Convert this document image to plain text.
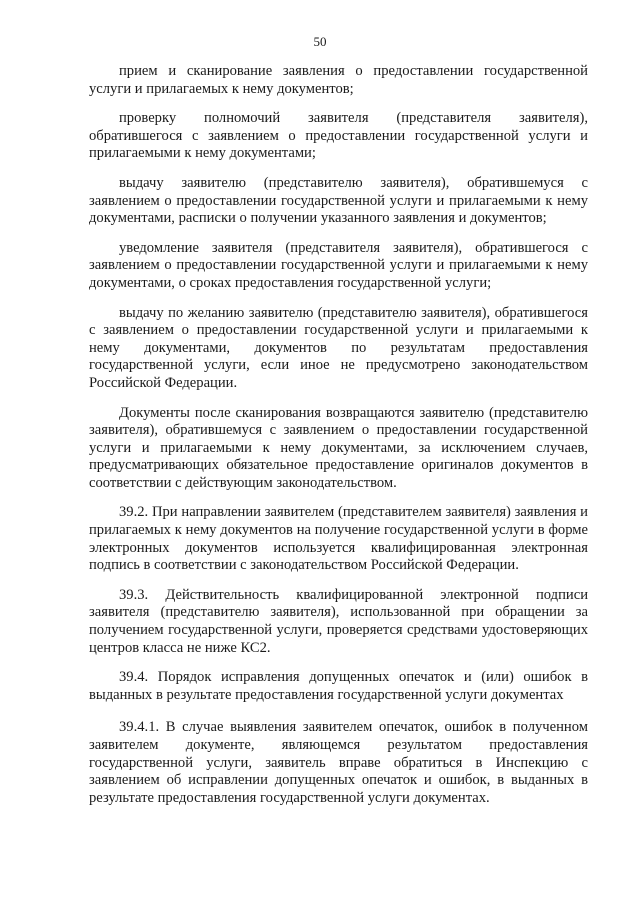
50

прием и сканирование заявления о предоставлении государственной услуги и прилагаемых к нему документов;

проверку полномочий заявителя (представителя заявителя), обратившегося с заявлением о предоставлении государственной услуги и прилагаемыми к нему документами;

выдачу заявителю (представителю заявителя), обратившемуся с заявлением о предоставлении государственной услуги и прилагаемыми к нему документами, расписки о получении указанного заявления и документов;

уведомление заявителя (представителя заявителя), обратившегося с заявлением о предоставлении государственной услуги и прилагаемыми к нему документами, о сроках предоставления государственной услуги;

выдачу по желанию заявителю (представителю заявителя), обратившегося с заявлением о предоставлении государственной услуги и прилагаемыми к нему документами, документов по результатам предоставления государственной услуги, если иное не предусмотрено законодательством Российской Федерации.

Документы после сканирования возвращаются заявителю (представителю заявителя), обратившемуся с заявлением о предоставлении государственной услуги и прилагаемыми к нему документами, за исключением случаев, предусматривающих обязательное предоставление оригиналов документов в соответствии с действующим законодательством.

39.2. При направлении заявителем (представителем заявителя) заявления и прилагаемых к нему документов на получение государственной услуги в форме электронных документов используется квалифицированная электронная подпись в соответствии с законодательством Российской Федерации.

39.3. Действительность квалифицированной электронной подписи заявителя (представителю заявителя), использованной при обращении за получением государственной услуги, проверяется средствами удостоверяющих центров класса не ниже КС2.

39.4. Порядок исправления допущенных опечаток и (или) ошибок в выданных в результате предоставления государственной услуги документах

39.4.1. В случае выявления заявителем опечаток, ошибок в полученном заявителем документе, являющемся результатом предоставления государственной услуги, заявитель вправе обратиться в Инспекцию с заявлением об исправлении допущенных опечаток и ошибок, в выданных в результате предоставления государственной услуги документах.
